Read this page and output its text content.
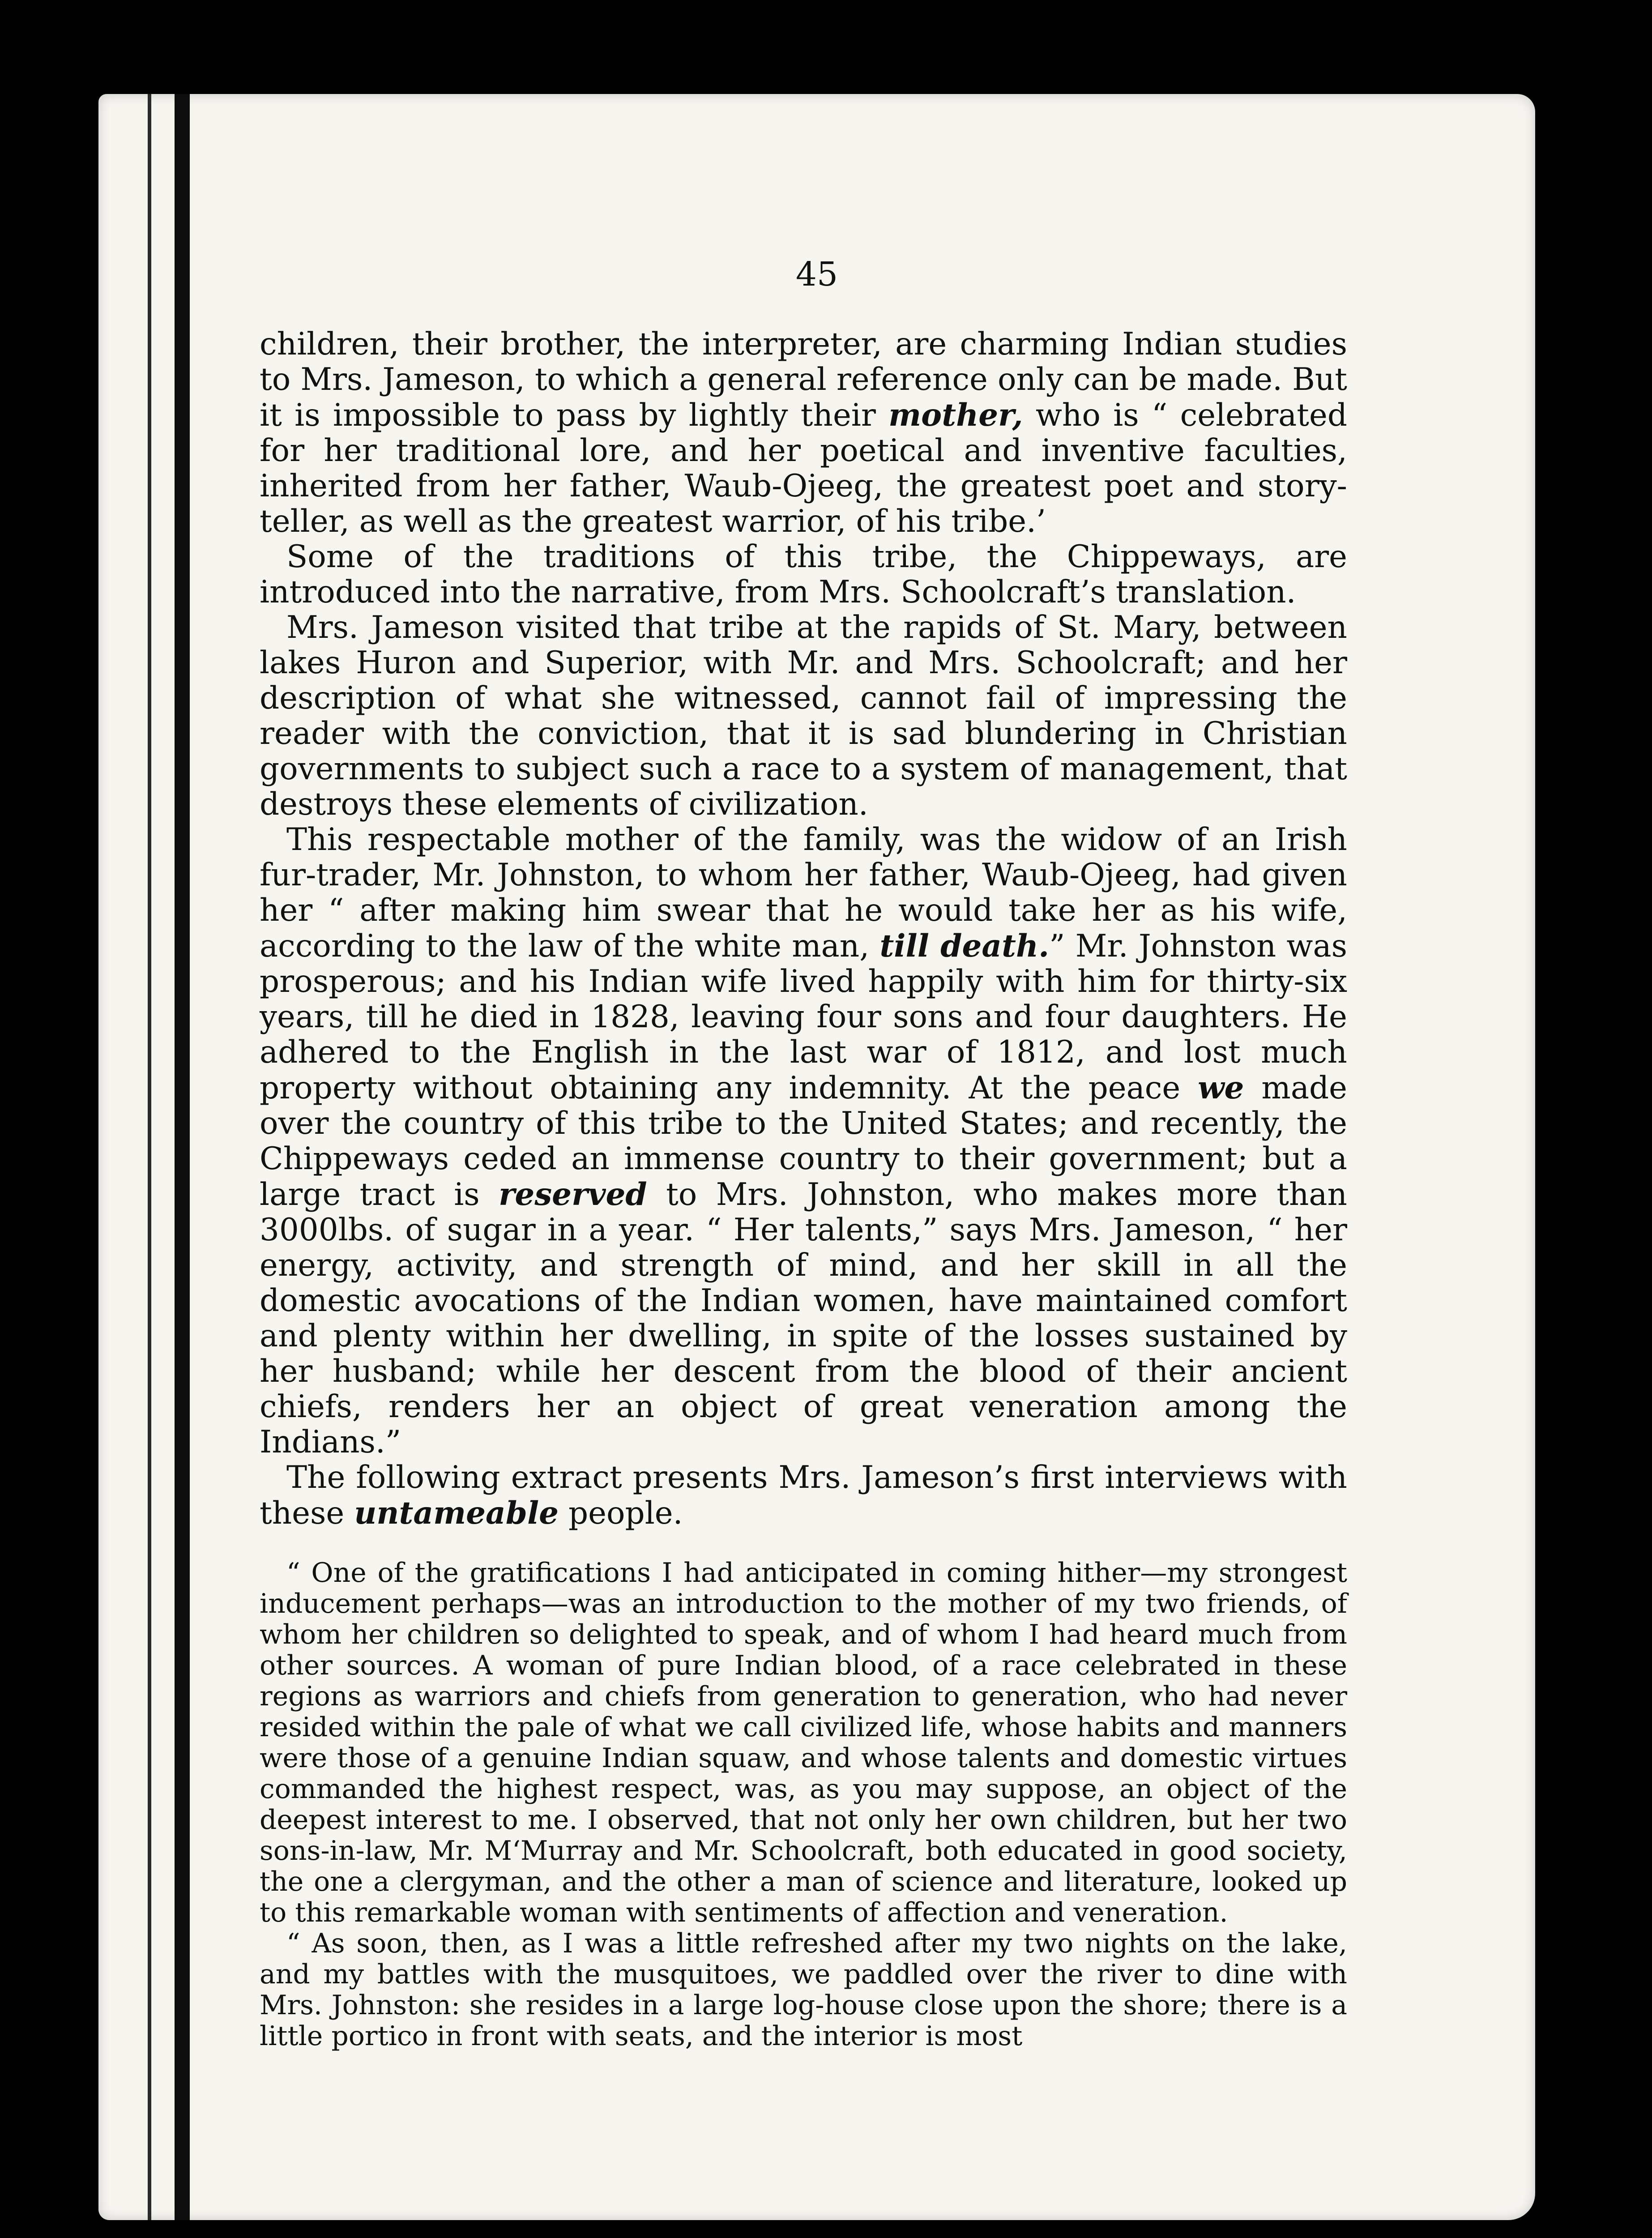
45

children, their brother, the interpreter, are charming Indian studies to Mrs. Jameson, to which a general reference only can be made. But it is impossible to pass by lightly their mother, who is “ celebrated for her traditional lore, and her poetical and inventive faculties, inherited from her father, Waub-Ojeeg, the greatest poet and story-teller, as well as the greatest warrior, of his tribe.’

Some of the traditions of this tribe, the Chippeways, are introduced into the narrative, from Mrs. Schoolcraft’s translation.

Mrs. Jameson visited that tribe at the rapids of St. Mary, between lakes Huron and Superior, with Mr. and Mrs. Schoolcraft; and her description of what she witnessed, cannot fail of impressing the reader with the conviction, that it is sad blundering in Christian governments to subject such a race to a system of management, that destroys these elements of civilization.

This respectable mother of the family, was the widow of an Irish fur-trader, Mr. Johnston, to whom her father, Waub-Ojeeg, had given her “ after making him swear that he would take her as his wife, according to the law of the white man, till death.” Mr. Johnston was prosperous; and his Indian wife lived happily with him for thirty-six years, till he died in 1828, leaving four sons and four daughters. He adhered to the English in the last war of 1812, and lost much property without obtaining any indemnity. At the peace we made over the country of this tribe to the United States; and recently, the Chippeways ceded an immense country to their government; but a large tract is reserved to Mrs. Johnston, who makes more than 3000lbs. of sugar in a year. “ Her talents,” says Mrs. Jameson, “ her energy, activity, and strength of mind, and her skill in all the domestic avocations of the Indian women, have maintained comfort and plenty within her dwelling, in spite of the losses sustained by her husband; while her descent from the blood of their ancient chiefs, renders her an object of great veneration among the Indians.”

The following extract presents Mrs. Jameson’s first interviews with these untameable people.

“ One of the gratifications I had anticipated in coming hither—my strongest inducement perhaps—was an introduction to the mother of my two friends, of whom her children so delighted to speak, and of whom I had heard much from other sources. A woman of pure Indian blood, of a race celebrated in these regions as warriors and chiefs from generation to generation, who had never resided within the pale of what we call civilized life, whose habits and manners were those of a genuine Indian squaw, and whose talents and domestic virtues commanded the highest respect, was, as you may suppose, an object of the deepest interest to me. I observed, that not only her own children, but her two sons-in-law, Mr. M‘Murray and Mr. Schoolcraft, both educated in good society, the one a clergyman, and the other a man of science and literature, looked up to this remarkable woman with sentiments of affection and veneration.

“ As soon, then, as I was a little refreshed after my two nights on the lake, and my battles with the musquitoes, we paddled over the river to dine with Mrs. Johnston: she resides in a large log-house close upon the shore; there is a little portico in front with seats, and the interior is most
